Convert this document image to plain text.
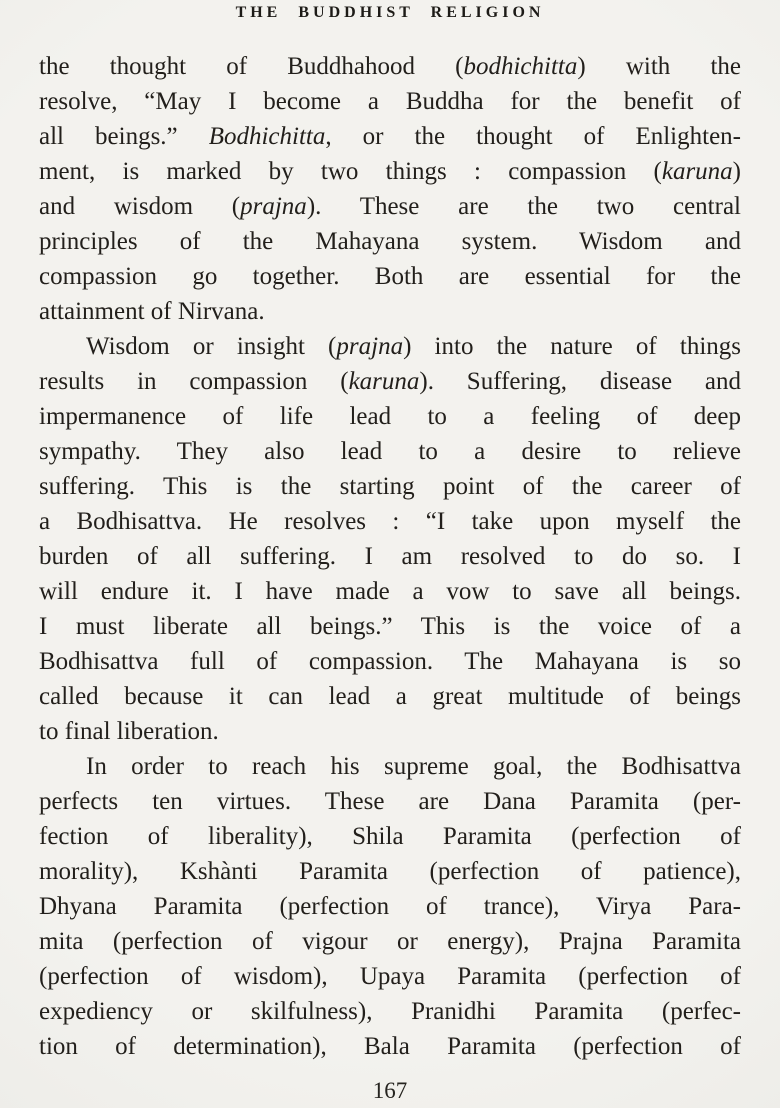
THE BUDDHIST RELIGION
the thought of Buddhahood (bodhichitta) with the
resolve, “May I become a Buddha for the benefit of
all beings.” Bodhichitta, or the thought of Enlighten-
ment, is marked by two things : compassion (karuna)
and wisdom (prajna). These are the two central
principles of the Mahayana system. Wisdom and
compassion go together. Both are essential for the
attainment of Nirvana.
Wisdom or insight (prajna) into the nature of things
results in compassion (karuna). Suffering, disease and
impermanence of life lead to a feeling of deep
sympathy. They also lead to a desire to relieve
suffering. This is the starting point of the career of
a Bodhisattva. He resolves : “I take upon myself the
burden of all suffering. I am resolved to do so. I
will endure it. I have made a vow to save all beings.
I must liberate all beings.” This is the voice of a
Bodhisattva full of compassion. The Mahayana is so
called because it can lead a great multitude of beings
to final liberation.
In order to reach his supreme goal, the Bodhisattva
perfects ten virtues. These are Dana Paramita (per-
fection of liberality), Shila Paramita (perfection of
morality), Kshànti Paramita (perfection of patience),
Dhyana Paramita (perfection of trance), Virya Para-
mita (perfection of vigour or energy), Prajna Paramita
(perfection of wisdom), Upaya Paramita (perfection of
expediency or skilfulness), Pranidhi Paramita (perfec-
tion of determination), Bala Paramita (perfection of
167
